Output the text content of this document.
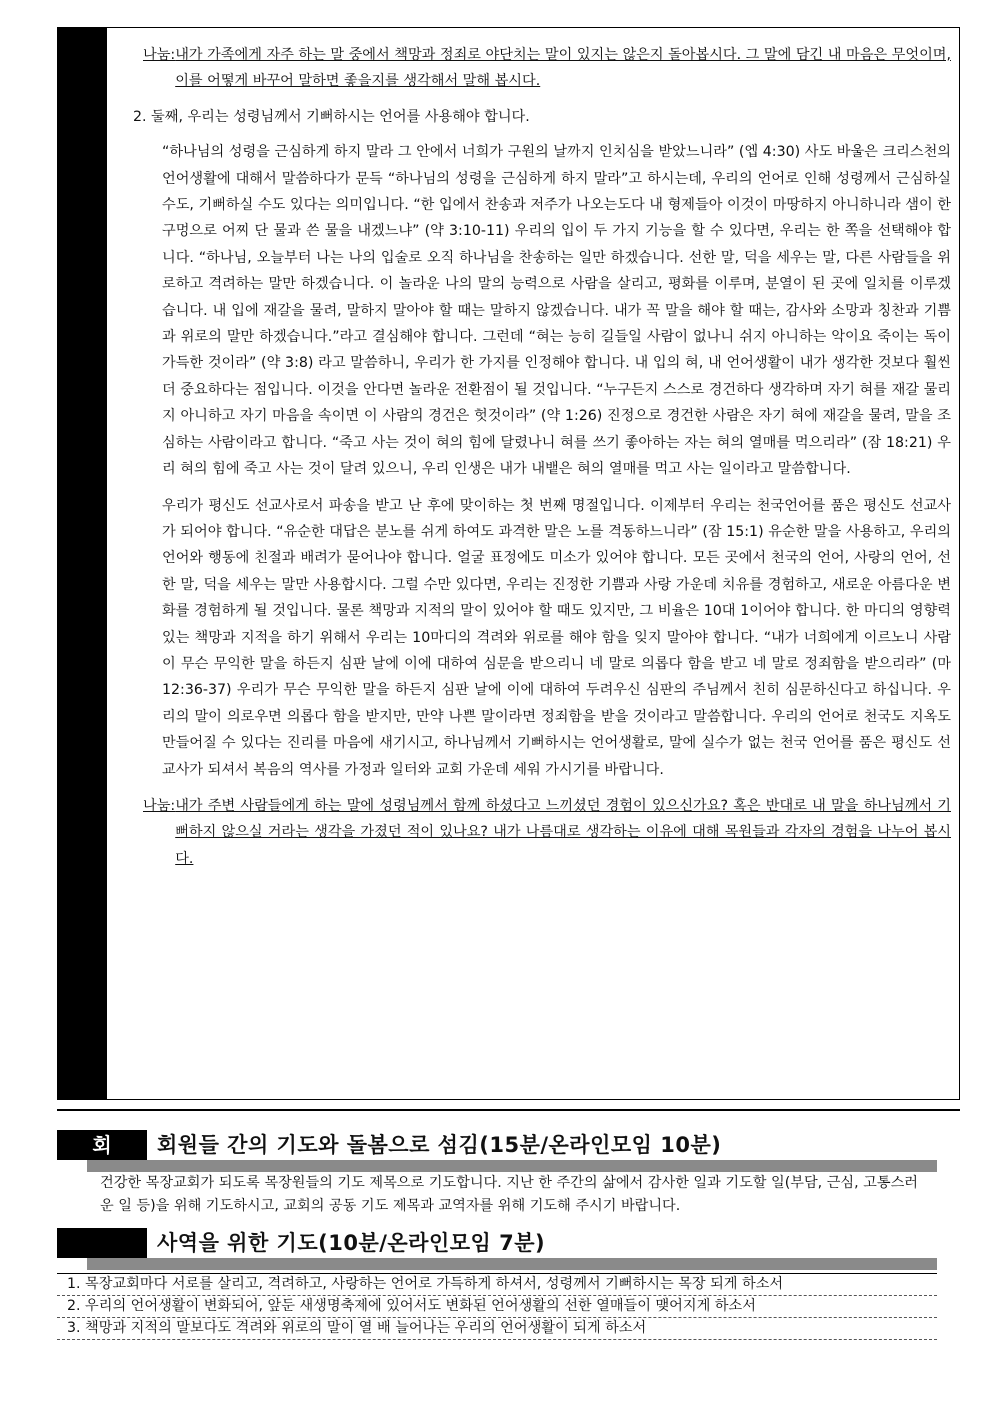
나눔: 내가 가족에게 자주 하는 말 중에서 책망과 정죄로 야단치는 말이 있지는 않은지 돌아봅시다. 그 말에 담긴 내 마음은 무엇이며, 이를 어떻게 바꾸어 말하면 좋을지를 생각해서 말해 봅시다.
2. 둘째, 우리는 성령님께서 기뻐하시는 언어를 사용해야 합니다.

“하나님의 성령을 근심하게 하지 말라 그 안에서 너희가 구원의 날까지 인치심을 받았느니라” (엡 4:30) 사도 바울은 크리스천의 언어생활에 대해서 말씀하다가 문득 “하나님의 성령을 근심하게 하지 말라”고 하시는데, 우리의 언어로 인해 성령께서 근심하실 수도, 기뻐하실 수도 있다는 의미입니다. “한 입에서 찬송과 저주가 나오는도다 내 형제들아 이것이 마땅하지 아니하니라 샘이 한 구멍으로 어찌 단 물과 쓴 물을 내겠느냐” (약 3:10-11) 우리의 입이 두 가지 기능을 할 수 있다면, 우리는 한 쪽을 선택해야 합니다. “하나님, 오늘부터 나는 나의 입술로 오직 하나님을 찬송하는 일만 하겠습니다. 선한 말, 덕을 세우는 말, 다른 사람들을 위로하고 격려하는 말만 하겠습니다. 이 놀라운 나의 말의 능력으로 사람을 살리고, 평화를 이루며, 분열이 된 곳에 일치를 이루겠습니다. 내 입에 재갈을 물려, 말하지 말아야 할 때는 말하지 않겠습니다. 내가 꼭 말을 해야 할 때는, 감사와 소망과 칭찬과 기쁨과 위로의 말만 하겠습니다.”라고 결심해야 합니다. 그런데 “혀는 능히 길들일 사람이 없나니 쉬지 아니하는 악이요 죽이는 독이 가득한 것이라” (약 3:8) 라고 말씀하니, 우리가 한 가지를 인정해야 합니다. 내 입의 혀, 내 언어생활이 내가 생각한 것보다 훨씬 더 중요하다는 점입니다. 이것을 안다면 놀라운 전환점이 될 것입니다. “누구든지 스스로 경건하다 생각하며 자기 혀를 재갈 물리지 아니하고 자기 마음을 속이면 이 사람의 경건은 헛것이라” (약 1:26) 진정으로 경건한 사람은 자기 혀에 재갈을 물려, 말을 조심하는 사람이라고 합니다. “죽고 사는 것이 혀의 힘에 달렸나니 혀를 쓰기 좋아하는 자는 혀의 열매를 먹으리라” (잠 18:21) 우리 혀의 힘에 죽고 사는 것이 달려 있으니, 우리 인생은 내가 내뱉은 혀의 열매를 먹고 사는 일이라고 말씀합니다.

우리가 평신도 선교사로서 파송을 받고 난 후에 맞이하는 첫 번째 명절입니다. 이제부터 우리는 천국언어를 품은 평신도 선교사가 되어야 합니다. “유순한 대답은 분노를 쉬게 하여도 과격한 말은 노를 격동하느니라” (잠 15:1) 유순한 말을 사용하고, 우리의 언어와 행동에 친절과 배려가 묻어나야 합니다. 얼굴 표정에도 미소가 있어야 합니다. 모든 곳에서 천국의 언어, 사랑의 언어, 선한 말, 덕을 세우는 말만 사용합시다. 그럴 수만 있다면, 우리는 진정한 기쁨과 사랑 가운데 치유를 경험하고, 새로운 아름다운 변화를 경험하게 될 것입니다. 물론 책망과 지적의 말이 있어야 할 때도 있지만, 그 비율은 10대 1이어야 합니다. 한 마디의 영향력 있는 책망과 지적을 하기 위해서 우리는 10마디의 격려와 위로를 해야 함을 잊지 말아야 합니다. “내가 너희에게 이르노니 사람이 무슨 무익한 말을 하든지 심판 날에 이에 대하여 심문을 받으리니 네 말로 의롭다 함을 받고 네 말로 정죄함을 받으리라” (마 12:36-37) 우리가 무슨 무익한 말을 하든지 심판 날에 이에 대하여 두려우신 심판의 주님께서 친히 심문하신다고 하십니다. 우리의 말이 의로우면 의롭다 함을 받지만, 만약 나쁜 말이라면 정죄함을 받을 것이라고 말씀합니다. 우리의 언어로 천국도 지옥도 만들어질 수 있다는 진리를 마음에 새기시고, 하나님께서 기뻐하시는 언어생활로, 말에 실수가 없는 천국 언어를 품은 평신도 선교사가 되셔서 복음의 역사를 가정과 일터와 교회 가운데 세워 가시기를 바랍니다.

나눔: 내가 주변 사람들에게 하는 말에 성령님께서 함께 하셨다고 느끼셨던 경험이 있으신가요? 혹은 반대로 내 말을 하나님께서 기뻐하지 않으실 거라는 생각을 가졌던 적이 있나요? 내가 나름대로 생각하는 이유에 대해 목원들과 각자의 경험을 나누어 봅시다.
회	회원들 간의 기도와 돌봄으로 섬김(15분/온라인모임 10분)
건강한 목장교회가 되도록 목장원들의 기도 제목으로 기도합니다. 지난 한 주간의 삶에서 감사한 일과 기도할 일(부담, 근심, 고통스러운 일 등)을 위해 기도하시고, 교회의 공동 기도 제목과 교역자를 위해 기도해 주시기 바랍니다.
사역을 위한 기도(10분/온라인모임 7분)
1. 목장교회마다 서로를 살리고, 격려하고, 사랑하는 언어로 가득하게 하셔서, 성령께서 기뻐하시는 목장 되게 하소서
2. 우리의 언어생활이 변화되어, 앞둔 새생명축제에 있어서도 변화된 언어생활의 선한 열매들이 맺어지게 하소서
3. 책망과 지적의 말보다도 격려와 위로의 말이 열 배 늘어나는 우리의 언어생활이 되게 하소서
